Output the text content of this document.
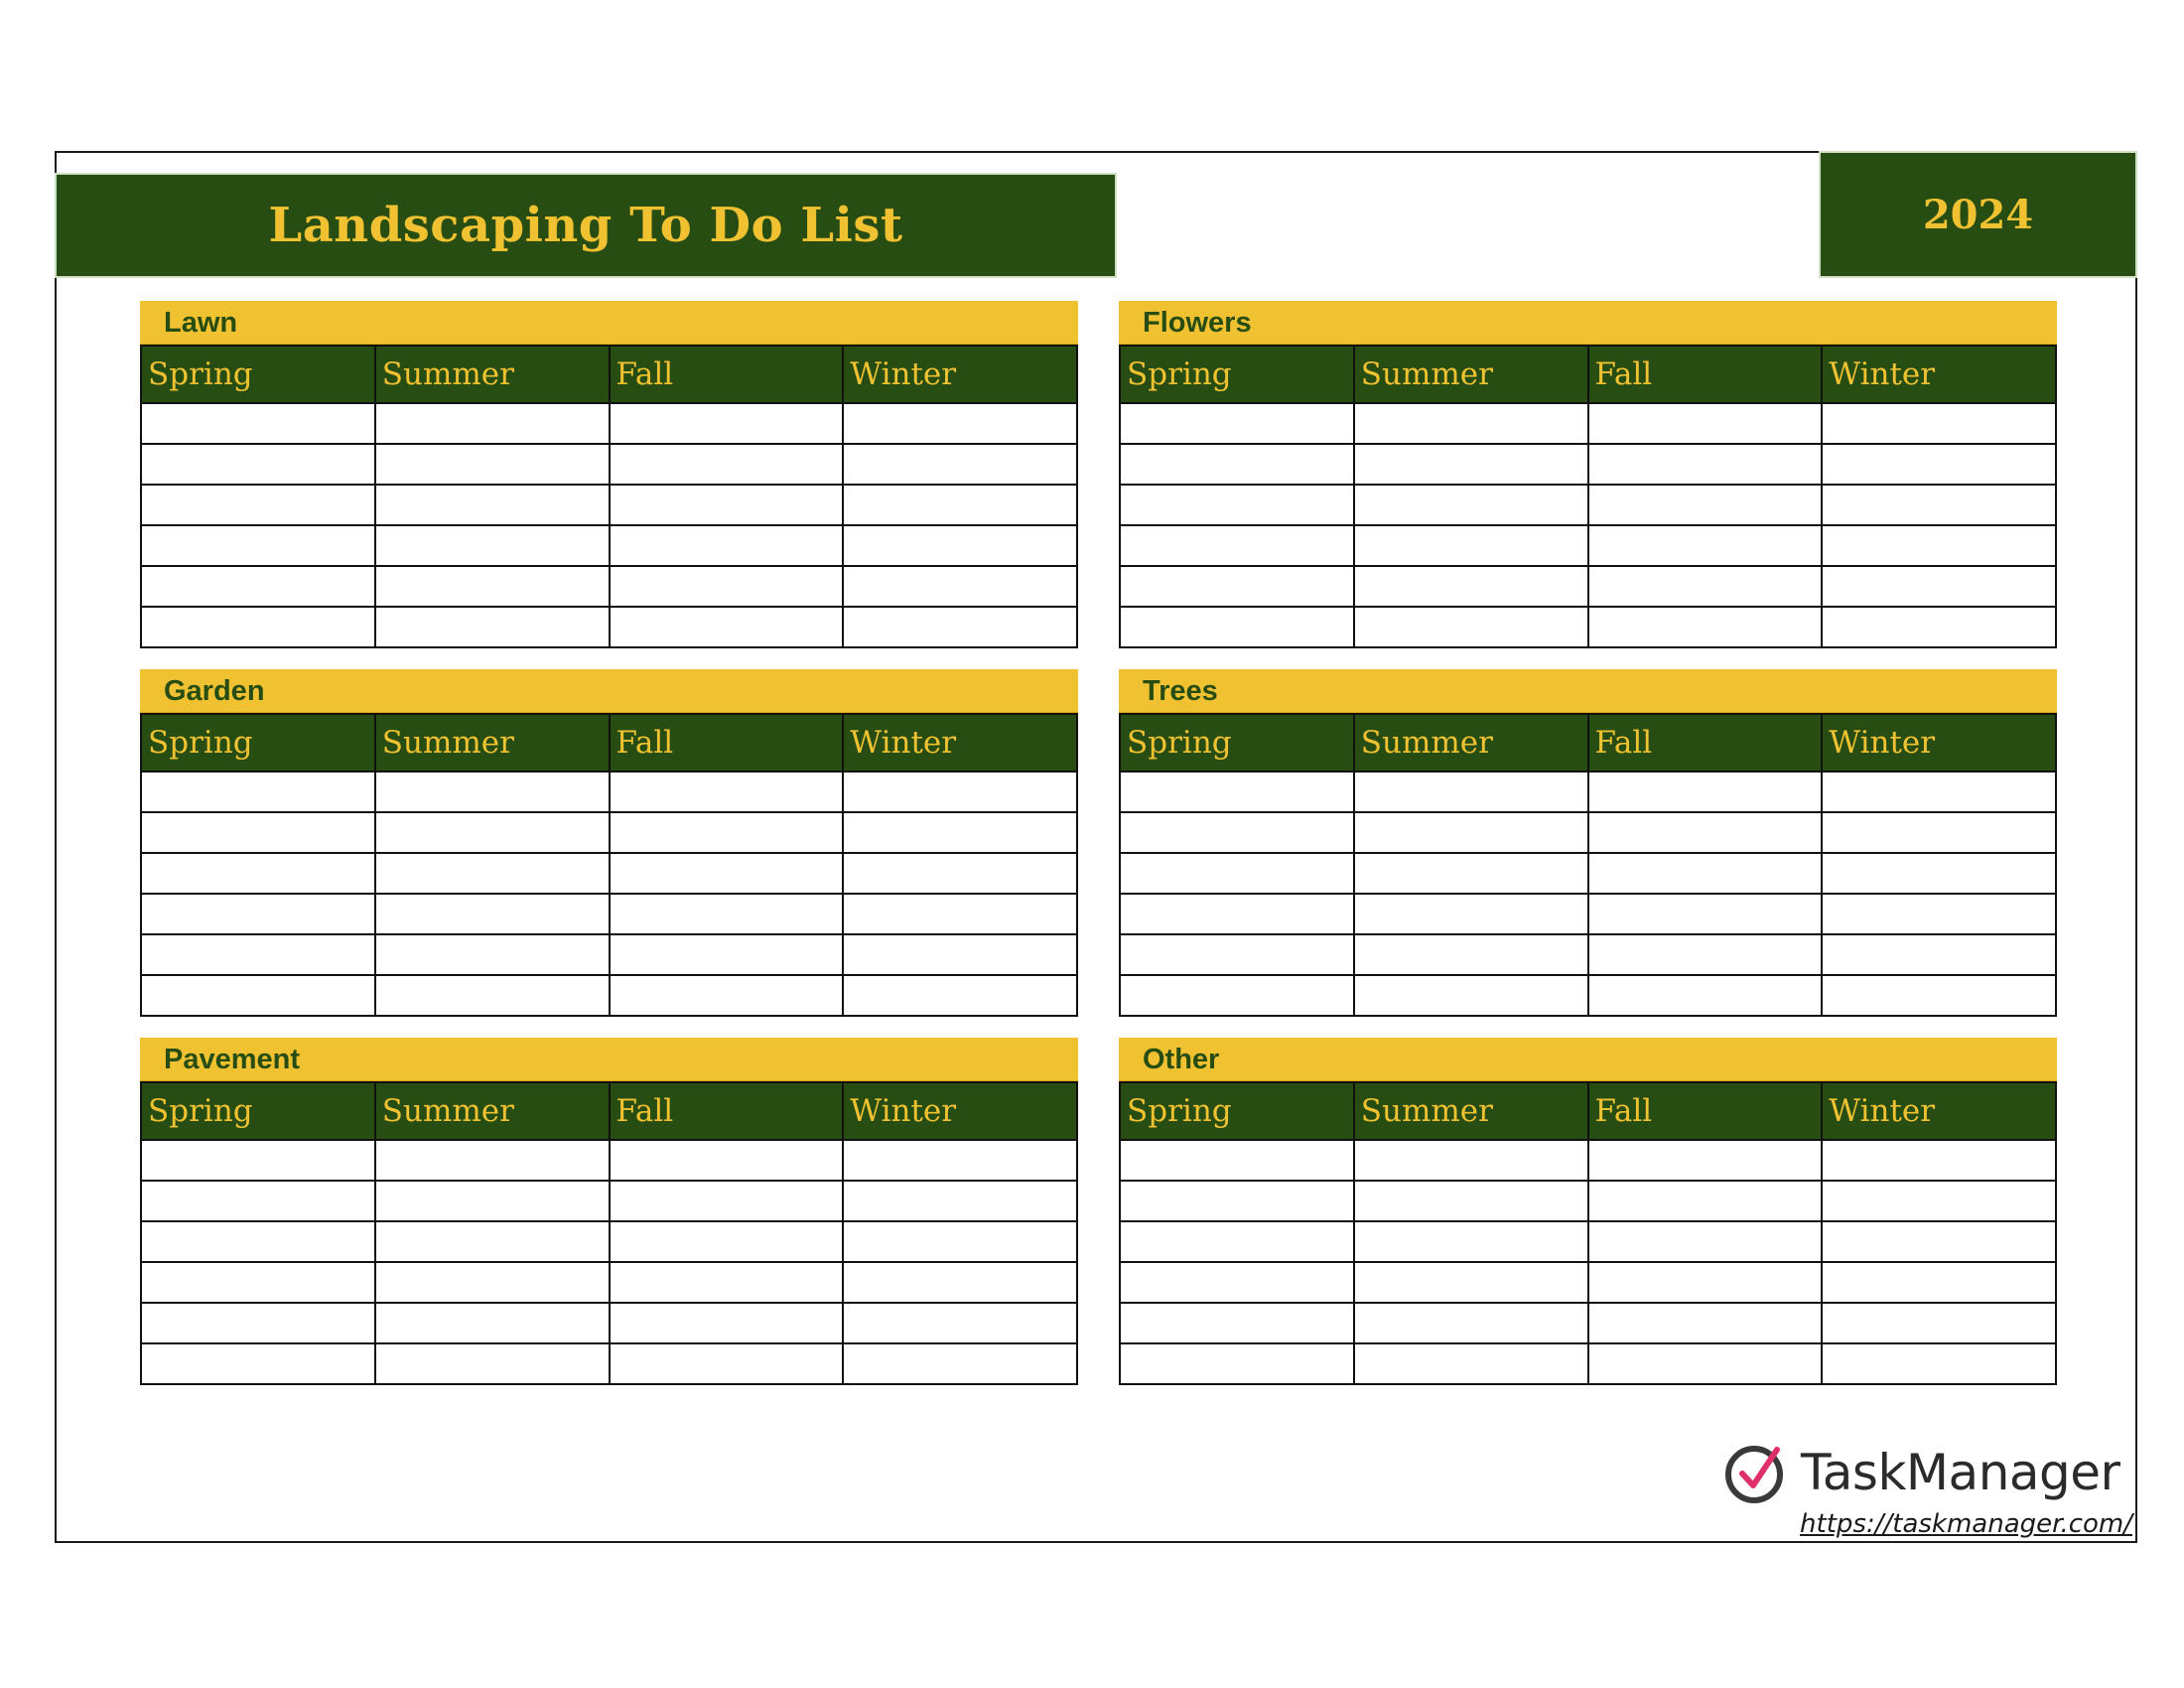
Landscaping To Do List	2024
Lawn
Spring	Summer	Fall	Winter

Flowers
Spring	Summer	Fall	Winter

Garden
Spring	Summer	Fall	Winter

Trees
Spring	Summer	Fall	Winter

Pavement
Spring	Summer	Fall	Winter

Other
Spring	Summer	Fall	Winter

TaskManager
https://taskmanager.com/
